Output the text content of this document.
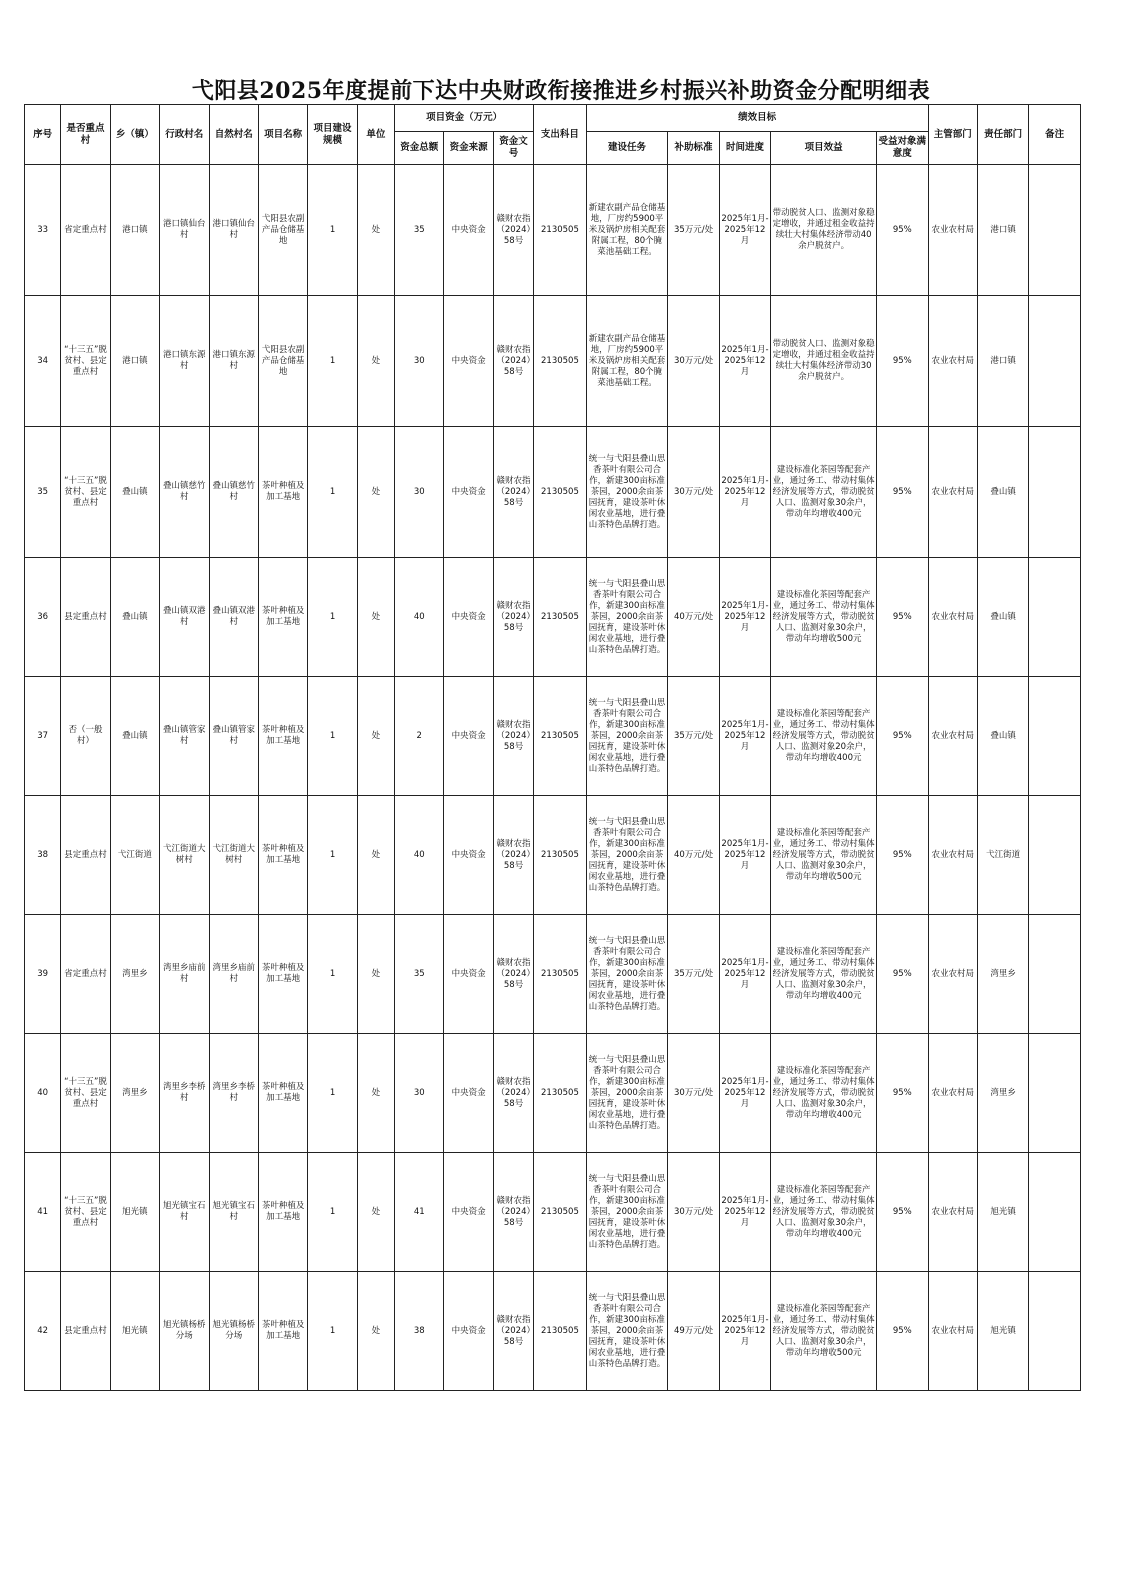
弋阳县2025年度提前下达中央财政衔接推进乡村振兴补助资金分配明细表
序号	是否重点村	乡（镇）	行政村名	自然村名	项目名称	项目建设规模	单位	项目资金（万元）			支出科目	绩效目标					主管部门	责任部门	备注
								资金总额	资金来源	资金文号		建设任务	补助标准	时间进度	项目效益	受益对象满意度			
33	省定重点村	港口镇	港口镇仙台村	港口镇仙台村	弋阳县农副产品仓储基地	1	处	35	中央资金	赣财农指（2024）58号	2130505	新建农副产品仓储基地，厂房约5900平米及锅炉房相关配套附属工程，80个腌菜池基础工程。	35万元/处	2025年1月-2025年12月	带动脱贫人口、监测对象稳定增收，并通过租金收益持续壮大村集体经济带动40余户脱贫户。	95%	农业农村局	港口镇	
34	“十三五”脱贫村、县定重点村	港口镇	港口镇东源村	港口镇东源村	弋阳县农副产品仓储基地	1	处	30	中央资金	赣财农指（2024）58号	2130505	新建农副产品仓储基地，厂房约5900平米及锅炉房相关配套附属工程，80个腌菜池基础工程。	30万元/处	2025年1月-2025年12月	带动脱贫人口、监测对象稳定增收，并通过租金收益持续壮大村集体经济带动30余户脱贫户。	95%	农业农村局	港口镇	
35	“十三五”脱贫村、县定重点村	叠山镇	叠山镇慈竹村	叠山镇慈竹村	茶叶种植及加工基地	1	处	30	中央资金	赣财农指（2024）58号	2130505	统一与弋阳县叠山思香茶叶有限公司合作，新建300亩标准茶园，2000余亩茶园抚育，建设茶叶休闲农业基地，进行叠山茶特色品牌打造。	30万元/处	2025年1月-2025年12月	建设标准化茶园等配套产业，通过务工、带动村集体经济发展等方式，带动脱贫人口、监测对象30余户，带动年均增收400元	95%	农业农村局	叠山镇	
36	县定重点村	叠山镇	叠山镇双港村	叠山镇双港村	茶叶种植及加工基地	1	处	40	中央资金	赣财农指（2024）58号	2130505	统一与弋阳县叠山思香茶叶有限公司合作，新建300亩标准茶园，2000余亩茶园抚育，建设茶叶休闲农业基地，进行叠山茶特色品牌打造。	40万元/处	2025年1月-2025年12月	建设标准化茶园等配套产业，通过务工、带动村集体经济发展等方式，带动脱贫人口、监测对象30余户，带动年均增收500元	95%	农业农村局	叠山镇	
37	否（一般村）	叠山镇	叠山镇管家村	叠山镇管家村	茶叶种植及加工基地	1	处	2	中央资金	赣财农指（2024）58号	2130505	统一与弋阳县叠山思香茶叶有限公司合作，新建300亩标准茶园，2000余亩茶园抚育，建设茶叶休闲农业基地，进行叠山茶特色品牌打造。	35万元/处	2025年1月-2025年12月	建设标准化茶园等配套产业，通过务工、带动村集体经济发展等方式，带动脱贫人口、监测对象20余户，带动年均增收400元	95%	农业农村局	叠山镇	
38	县定重点村	弋江街道	弋江街道大树村	弋江街道大树村	茶叶种植及加工基地	1	处	40	中央资金	赣财农指（2024）58号	2130505	统一与弋阳县叠山思香茶叶有限公司合作，新建300亩标准茶园，2000余亩茶园抚育，建设茶叶休闲农业基地，进行叠山茶特色品牌打造。	40万元/处	2025年1月-2025年12月	建设标准化茶园等配套产业，通过务工、带动村集体经济发展等方式，带动脱贫人口、监测对象30余户，带动年均增收500元	95%	农业农村局	弋江街道	
39	省定重点村	湾里乡	湾里乡庙前村	湾里乡庙前村	茶叶种植及加工基地	1	处	35	中央资金	赣财农指（2024）58号	2130505	统一与弋阳县叠山思香茶叶有限公司合作，新建300亩标准茶园，2000余亩茶园抚育，建设茶叶休闲农业基地，进行叠山茶特色品牌打造。	35万元/处	2025年1月-2025年12月	建设标准化茶园等配套产业，通过务工、带动村集体经济发展等方式，带动脱贫人口、监测对象30余户，带动年均增收400元	95%	农业农村局	湾里乡	
40	“十三五”脱贫村、县定重点村	湾里乡	湾里乡李桥村	湾里乡李桥村	茶叶种植及加工基地	1	处	30	中央资金	赣财农指（2024）58号	2130505	统一与弋阳县叠山思香茶叶有限公司合作，新建300亩标准茶园，2000余亩茶园抚育，建设茶叶休闲农业基地，进行叠山茶特色品牌打造。	30万元/处	2025年1月-2025年12月	建设标准化茶园等配套产业，通过务工、带动村集体经济发展等方式，带动脱贫人口、监测对象30余户，带动年均增收400元	95%	农业农村局	湾里乡	
41	“十三五”脱贫村、县定重点村	旭光镇	旭光镇宝石村	旭光镇宝石村	茶叶种植及加工基地	1	处	41	中央资金	赣财农指（2024）58号	2130505	统一与弋阳县叠山思香茶叶有限公司合作，新建300亩标准茶园，2000余亩茶园抚育，建设茶叶休闲农业基地，进行叠山茶特色品牌打造。	30万元/处	2025年1月-2025年12月	建设标准化茶园等配套产业，通过务工、带动村集体经济发展等方式，带动脱贫人口、监测对象30余户，带动年均增收400元	95%	农业农村局	旭光镇	
42	县定重点村	旭光镇	旭光镇杨桥分场	旭光镇杨桥分场	茶叶种植及加工基地	1	处	38	中央资金	赣财农指（2024）58号	2130505	统一与弋阳县叠山思香茶叶有限公司合作，新建300亩标准茶园，2000余亩茶园抚育，建设茶叶休闲农业基地，进行叠山茶特色品牌打造。	49万元/处	2025年1月-2025年12月	建设标准化茶园等配套产业，通过务工、带动村集体经济发展等方式，带动脱贫人口、监测对象30余户，带动年均增收500元	95%	农业农村局	旭光镇	
